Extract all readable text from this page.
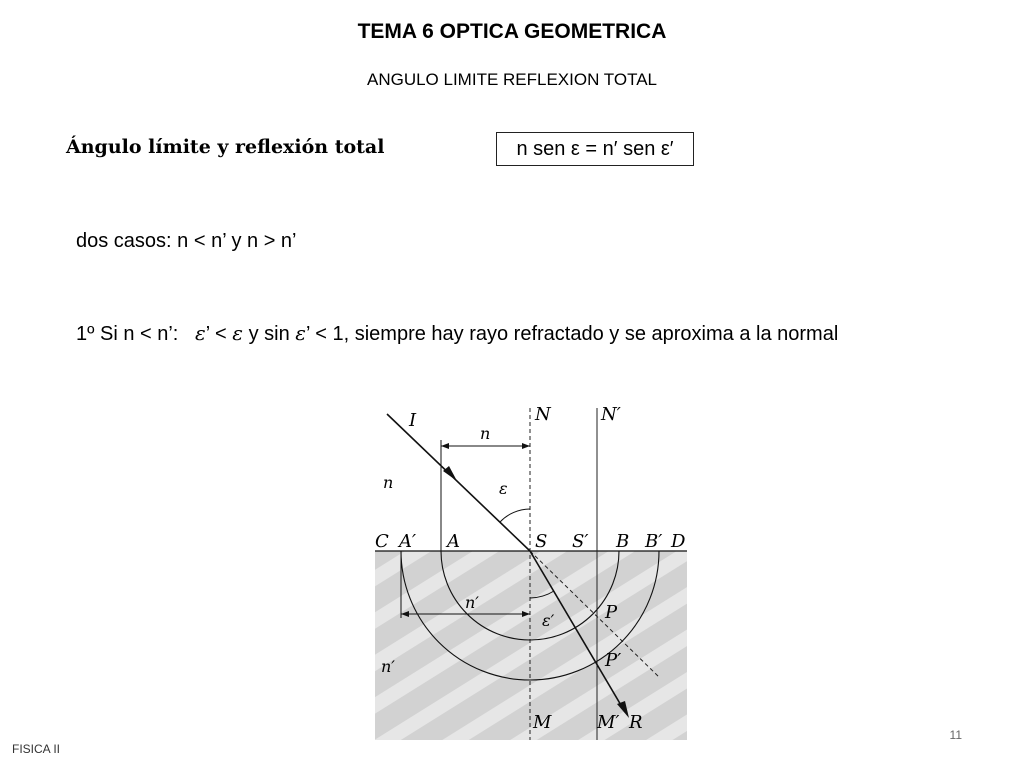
TEMA 6 OPTICA GEOMETRICA
ANGULO LIMITE REFLEXION TOTAL
Ángulo límite y reflexión total	n sen ε = n′ sen ε′
dos casos: n < n’ y n > n’
1º Si n < n’: ε’ < ε y sin ε’ < 1, siempre hay rayo refractado y se aproxima a la normal
I	N	N′
n
n	ε
C A′ A	S S′ B B′ D
n′
ε′	P
P′
n′
M	M′ R
11
FISICA II
